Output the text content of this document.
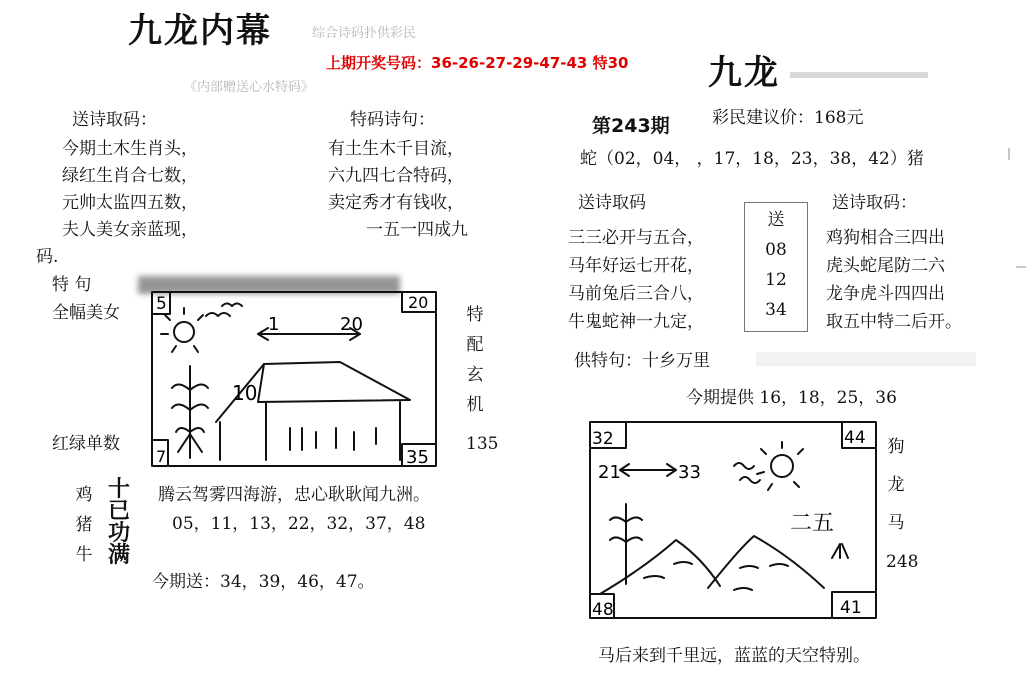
九龙内幕	综合诗码扑供彩民
上期开奖号码：36-26-27-29-47-43 特30
《内部赠送心水特码》
送诗取码：
今期土木生肖头，
绿红生肖合七数，
元帅太监四五数，
夫人美女亲蓝现，
码.
特码诗句：
有土生木千目流，
六九四七合特码，
卖定秀才有钱收，
一五一四成九
特 句
全幅美女
红绿单数
5	20
7	35
1	20
10
特
配
玄
机
135
鸡
猪
牛
十
已
功
满
腾云驾雾四海游，忠心耿耿闻九洲。
05，11，13，22，32，37，48
今期送：34，39，46，47。
九龙
第243期 彩民建议价：168元
蛇（02，04， ，17，18，23，38，42）猪
送诗取码
三三必开与五合，
马年好运七开花，
马前兔后三合八，
牛鬼蛇神一九定，
送
08
12
34
送诗取码：
鸡狗相合三四出
虎头蛇尾防二六
龙争虎斗四四出
取五中特二后开。
供特句：十乡万里
今期提供 16，18，25，36
32	44
48	41
21	33
二五
狗
龙
马
248
马后来到千里远，蓝蓝的天空特别。
